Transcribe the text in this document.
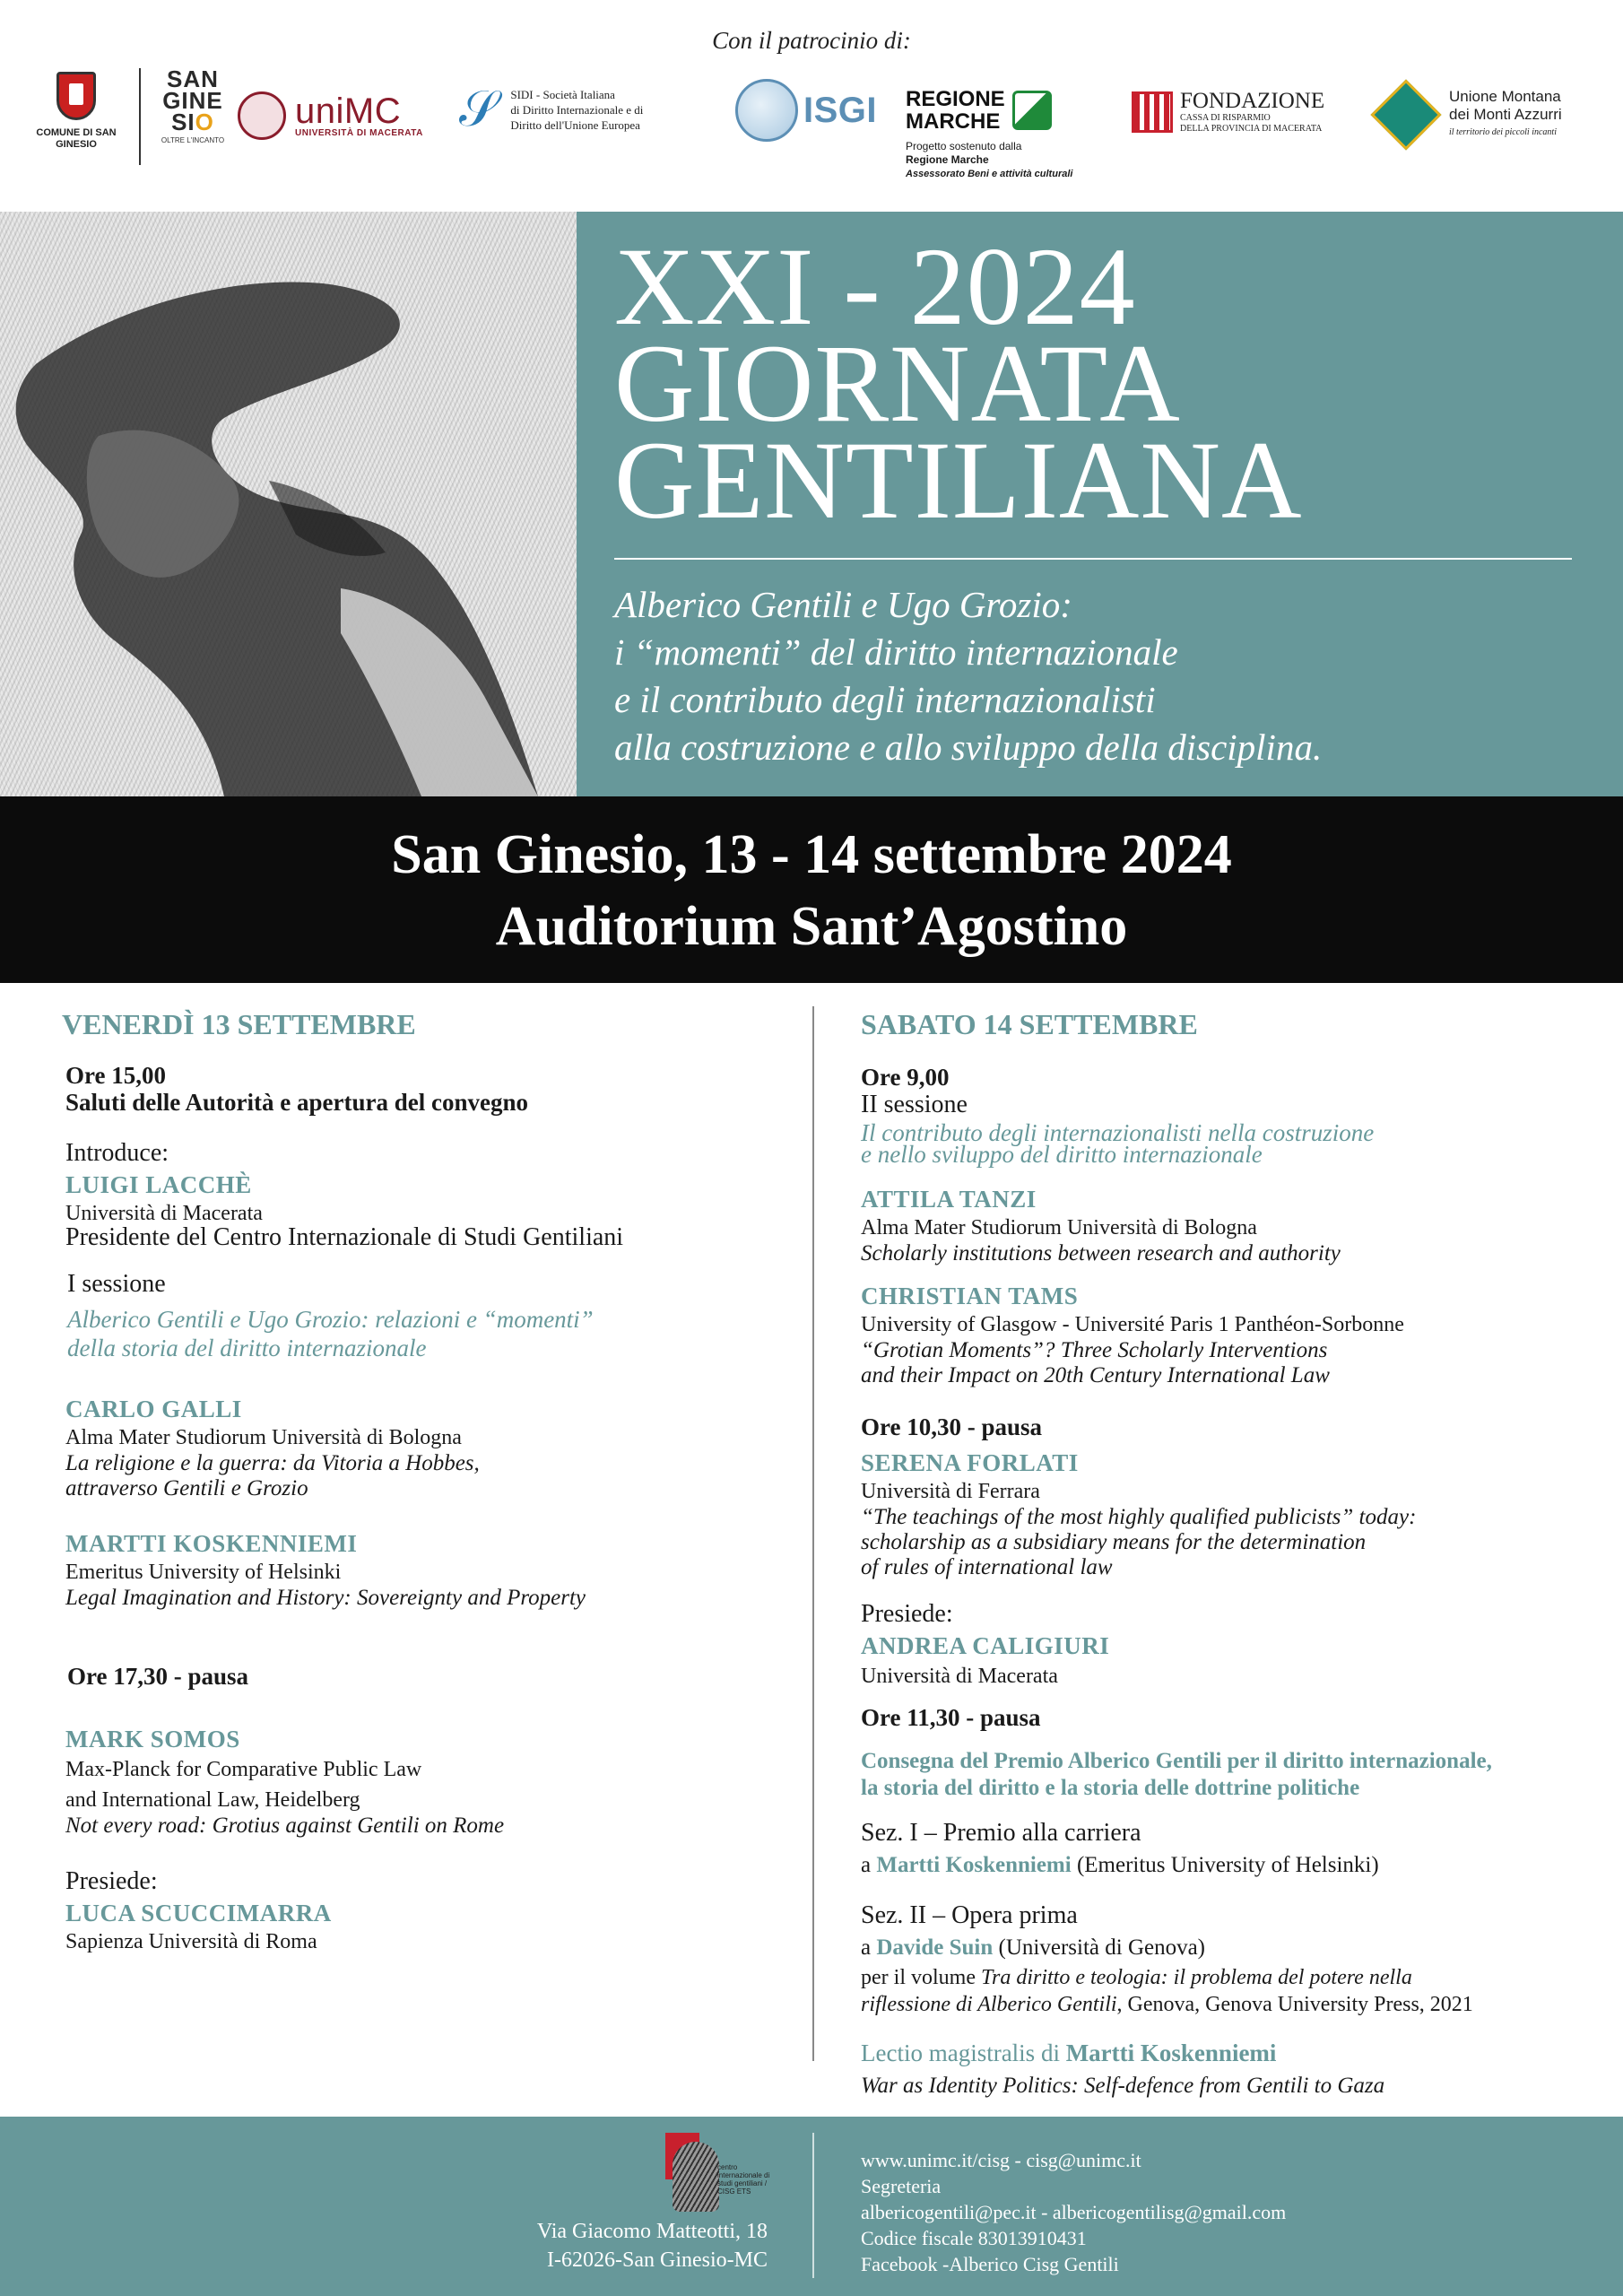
Con il patrocinio di:
COMUNE DI SAN GINESIO
SAN
GINE
SIO
OLTRE L'INCANTO
uniMC
UNIVERSITÀ DI MACERATA 𝒮 SIDI - Società Italiana
di Diritto Internazionale e di
Diritto dell'Unione Europea	ISGI REGIONE
MARCHE
Progetto sostenuto dalla
Regione Marche
Assessorato Beni e attività culturali
FONDAZIONE
CASSA DI RISPARMIO
DELLA PROVINCIA DI MACERATA
Unione Montana
dei Monti Azzurri
il territorio dei piccoli incanti
XXI - 2024
GIORNATA
GENTILIANA
Alberico Gentili e Ugo Grozio:
i “momenti” del diritto internazionale
e il contributo degli internazionalisti
alla costruzione e allo sviluppo della disciplina.
San Ginesio, 13 - 14 settembre 2024
Auditorium Sant’Agostino
VENERDÌ 13 SETTEMBRE
Ore 15,00
Saluti delle Autorità e apertura del convegno
Introduce:
LUIGI LACCHÈ
Università di Macerata
Presidente del Centro Internazionale di Studi Gentiliani
I sessione
Alberico Gentili e Ugo Grozio: relazioni e “momenti”
della storia del diritto internazionale
CARLO GALLI
Alma Mater Studiorum Università di Bologna
La religione e la guerra: da Vitoria a Hobbes,
attraverso Gentili e Grozio
MARTTI KOSKENNIEMI
Emeritus University of Helsinki
Legal Imagination and History: Sovereignty and Property
Ore 17,30 - pausa
MARK SOMOS
Max-Planck for Comparative Public Law
and International Law, Heidelberg
Not every road: Grotius against Gentili on Rome
Presiede:
LUCA SCUCCIMARRA
Sapienza Università di Roma
SABATO 14 SETTEMBRE
Ore 9,00
II sessione
Il contributo degli internazionalisti nella costruzione
e nello sviluppo del diritto internazionale
ATTILA TANZI
Alma Mater Studiorum Università di Bologna
Scholarly institutions between research and authority
CHRISTIAN TAMS
University of Glasgow - Université Paris 1 Panthéon-Sorbonne
“Grotian Moments”? Three Scholarly Interventions
and their Impact on 20th Century International Law
Ore 10,30 - pausa
SERENA FORLATI
Università di Ferrara
“The teachings of the most highly qualified publicists” today:
scholarship as a subsidiary means for the determination
of rules of international law
Presiede:
ANDREA CALIGIURI
Università di Macerata
Ore 11,30 - pausa
Consegna del Premio Alberico Gentili per il diritto internazionale,
la storia del diritto e la storia delle dottrine politiche
Sez. I – Premio alla carriera
a Martti Koskenniemi (Emeritus University of Helsinki)
Sez. II – Opera prima
a Davide Suin (Università di Genova)
per il volume Tra diritto e teologia: il problema del potere nella
riflessione di Alberico Gentili, Genova, Genova University Press, 2021
Lectio magistralis di Martti Koskenniemi
War as Identity Politics: Self-defence from Gentili to Gaza
centro internazionale di studi gentiliani / CISG ETS
Via Giacomo Matteotti, 18
I-62026-San Ginesio-MC
www.unimc.it/cisg - cisg@unimc.it
Segreteria
albericogentili@pec.it - albericogentilisg@gmail.com
Codice fiscale 83013910431
Facebook -Alberico Cisg Gentili
